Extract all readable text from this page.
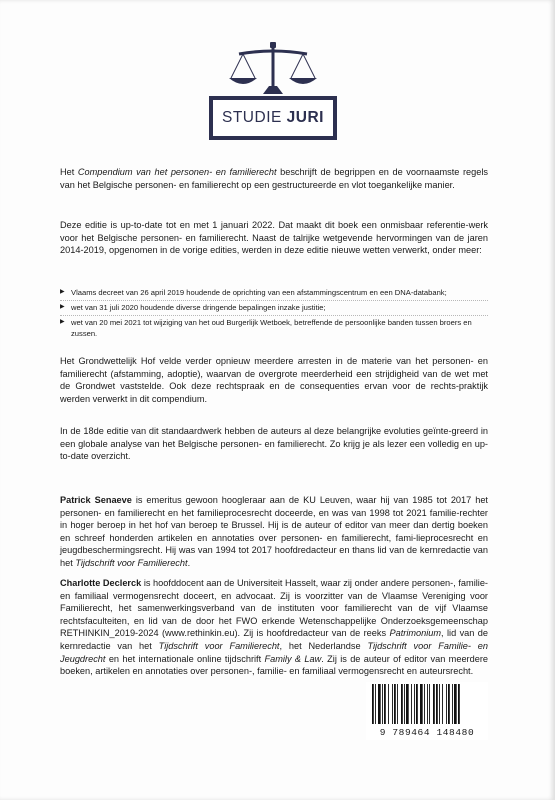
STUDIE JURI

Het Compendium van het personen- en familierecht beschrijft de begrippen en de voornaamste regels van het Belgische personen- en familierecht op een gestructureerde en vlot toegankelijke manier.

Deze editie is up-to-date tot en met 1 januari 2022. Dat maakt dit boek een onmisbaar referentie-werk voor het Belgische personen- en familierecht. Naast de talrijke wetgevende hervormingen van de jaren 2014-2019, opgenomen in de vorige edities, werden in deze editie nieuwe wetten verwerkt, onder meer:

▶ Vlaams decreet van 26 april 2019 houdende de oprichting van een afstammingscentrum en een DNA-databank;
▶ wet van 31 juli 2020 houdende diverse dringende bepalingen inzake justitie;
▶ wet van 20 mei 2021 tot wijziging van het oud Burgerlijk Wetboek, betreffende de persoonlijke banden tussen broers en zussen.

Het Grondwettelijk Hof velde verder opnieuw meerdere arresten in de materie van het personen- en familierecht (afstamming, adoptie), waarvan de overgrote meerderheid een strijdigheid van de wet met de Grondwet vaststelde. Ook deze rechtspraak en de consequenties ervan voor de rechts-praktijk werden verwerkt in dit compendium.

In de 18de editie van dit standaardwerk hebben de auteurs al deze belangrijke evoluties geïnte-greerd in een globale analyse van het Belgische personen- en familierecht. Zo krijg je als lezer een volledig en up-to-date overzicht.

Patrick Senaeve is emeritus gewoon hoogleraar aan de KU Leuven, waar hij van 1985 tot 2017 het personen- en familierecht en het familieprocesrecht doceerde, en was van 1998 tot 2021 familie-rechter in hoger beroep in het hof van beroep te Brussel. Hij is de auteur of editor van meer dan dertig boeken en schreef honderden artikelen en annotaties over personen- en familierecht, fami-lieprocesrecht en jeugdbeschermingsrecht. Hij was van 1994 tot 2017 hoofdredacteur en thans lid van de kernredactie van het Tijdschrift voor Familierecht.

Charlotte Declerck is hoofddocent aan de Universiteit Hasselt, waar zij onder andere personen-, familie- en familiaal vermogensrecht doceert, en advocaat. Zij is voorzitter van de Vlaamse Vereniging voor Familierecht, het samenwerkingsverband van de instituten voor familierecht van de vijf Vlaamse rechtsfaculteiten, en lid van de door het FWO erkende Wetenschappelijke Onderzoeksgemeenschap RETHINKIN_2019-2024 (www.rethinkin.eu). Zij is hoofdredacteur van de reeks Patrimonium, lid van de kernredactie van het Tijdschrift voor Familierecht, het Nederlandse Tijdschrift voor Familie- en Jeugdrecht en het internationale online tijdschrift Family & Law. Zij is de auteur of editor van meerdere boeken, artikelen en annotaties over personen-, familie- en familiaal vermogensrecht en auteursrecht.

9 789464 148480
